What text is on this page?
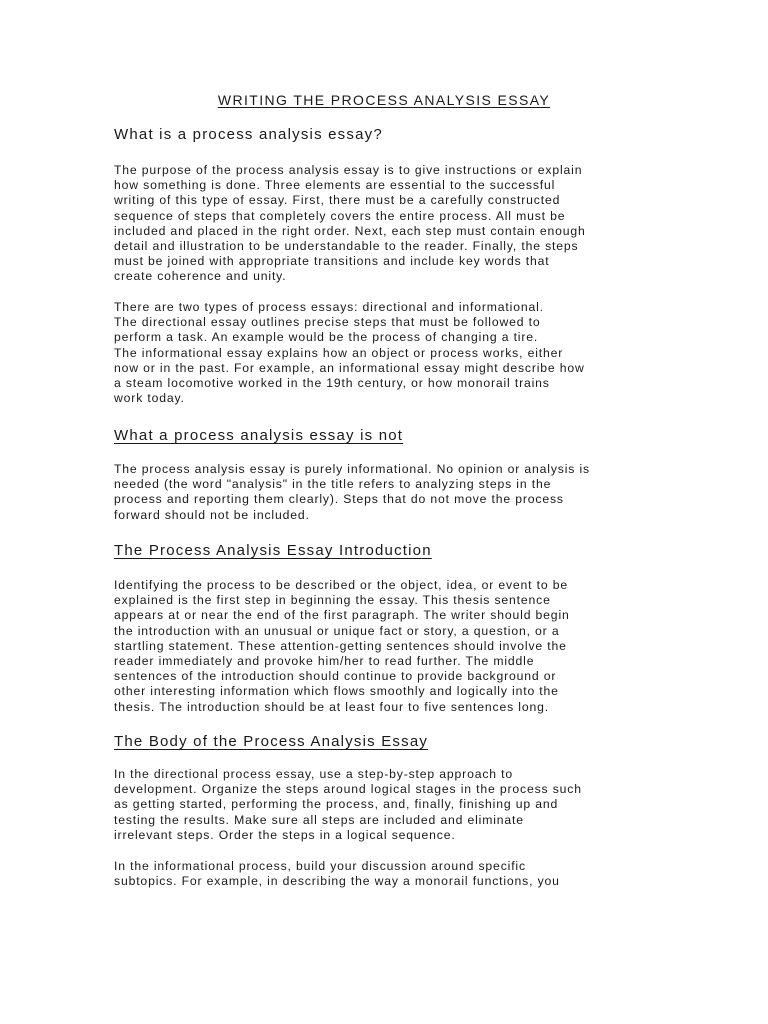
WRITING THE PROCESS ANALYSIS ESSAY
What is a process analysis essay?

The purpose of the process analysis essay is to give instructions or explain
how something is done. Three elements are essential to the successful
writing of this type of essay. First, there must be a carefully constructed
sequence of steps that completely covers the entire process. All must be
included and placed in the right order. Next, each step must contain enough
detail and illustration to be understandable to the reader. Finally, the steps
must be joined with appropriate transitions and include key words that
create coherence and unity.

There are two types of process essays: directional and informational.
The directional essay outlines precise steps that must be followed to
perform a task. An example would be the process of changing a tire.
The informational essay explains how an object or process works, either
now or in the past. For example, an informational essay might describe how
a steam locomotive worked in the 19th century, or how monorail trains
work today.

What a process analysis essay is not

The process analysis essay is purely informational. No opinion or analysis is
needed (the word "analysis" in the title refers to analyzing steps in the
process and reporting them clearly). Steps that do not move the process
forward should not be included.

The Process Analysis Essay Introduction

Identifying the process to be described or the object, idea, or event to be
explained is the first step in beginning the essay. This thesis sentence
appears at or near the end of the first paragraph. The writer should begin
the introduction with an unusual or unique fact or story, a question, or a
startling statement. These attention-getting sentences should involve the
reader immediately and provoke him/her to read further. The middle
sentences of the introduction should continue to provide background or
other interesting information which flows smoothly and logically into the
thesis. The introduction should be at least four to five sentences long.

The Body of the Process Analysis Essay

In the directional process essay, use a step-by-step approach to
development. Organize the steps around logical stages in the process such
as getting started, performing the process, and, finally, finishing up and
testing the results. Make sure all steps are included and eliminate
irrelevant steps. Order the steps in a logical sequence.

In the informational process, build your discussion around specific
subtopics. For example, in describing the way a monorail functions, you
